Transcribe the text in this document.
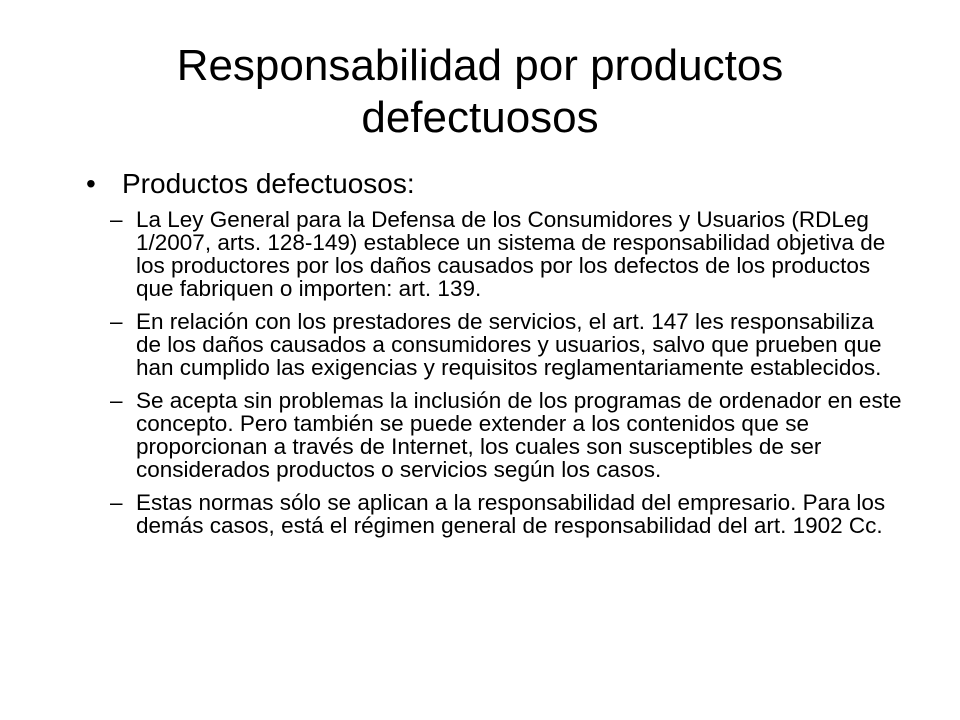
Responsabilidad por productos defectuosos
• Productos defectuosos:
– La Ley General para la Defensa de los Consumidores y Usuarios (RDLeg 1/2007, arts. 128-149) establece un sistema de responsabilidad objetiva de los productores por los daños causados por los defectos de los productos que fabriquen o importen: art. 139.
– En relación con los prestadores de servicios, el art. 147 les responsabiliza de los daños causados a consumidores y usuarios, salvo que prueben que han cumplido las exigencias y requisitos reglamentariamente establecidos.
– Se acepta sin problemas la inclusión de los programas de ordenador en este concepto. Pero también se puede extender a los contenidos que se proporcionan a través de Internet, los cuales son susceptibles de ser considerados productos o servicios según los casos.
– Estas normas sólo se aplican a la responsabilidad del empresario. Para los demás casos, está el régimen general de responsabilidad del art. 1902 Cc.
